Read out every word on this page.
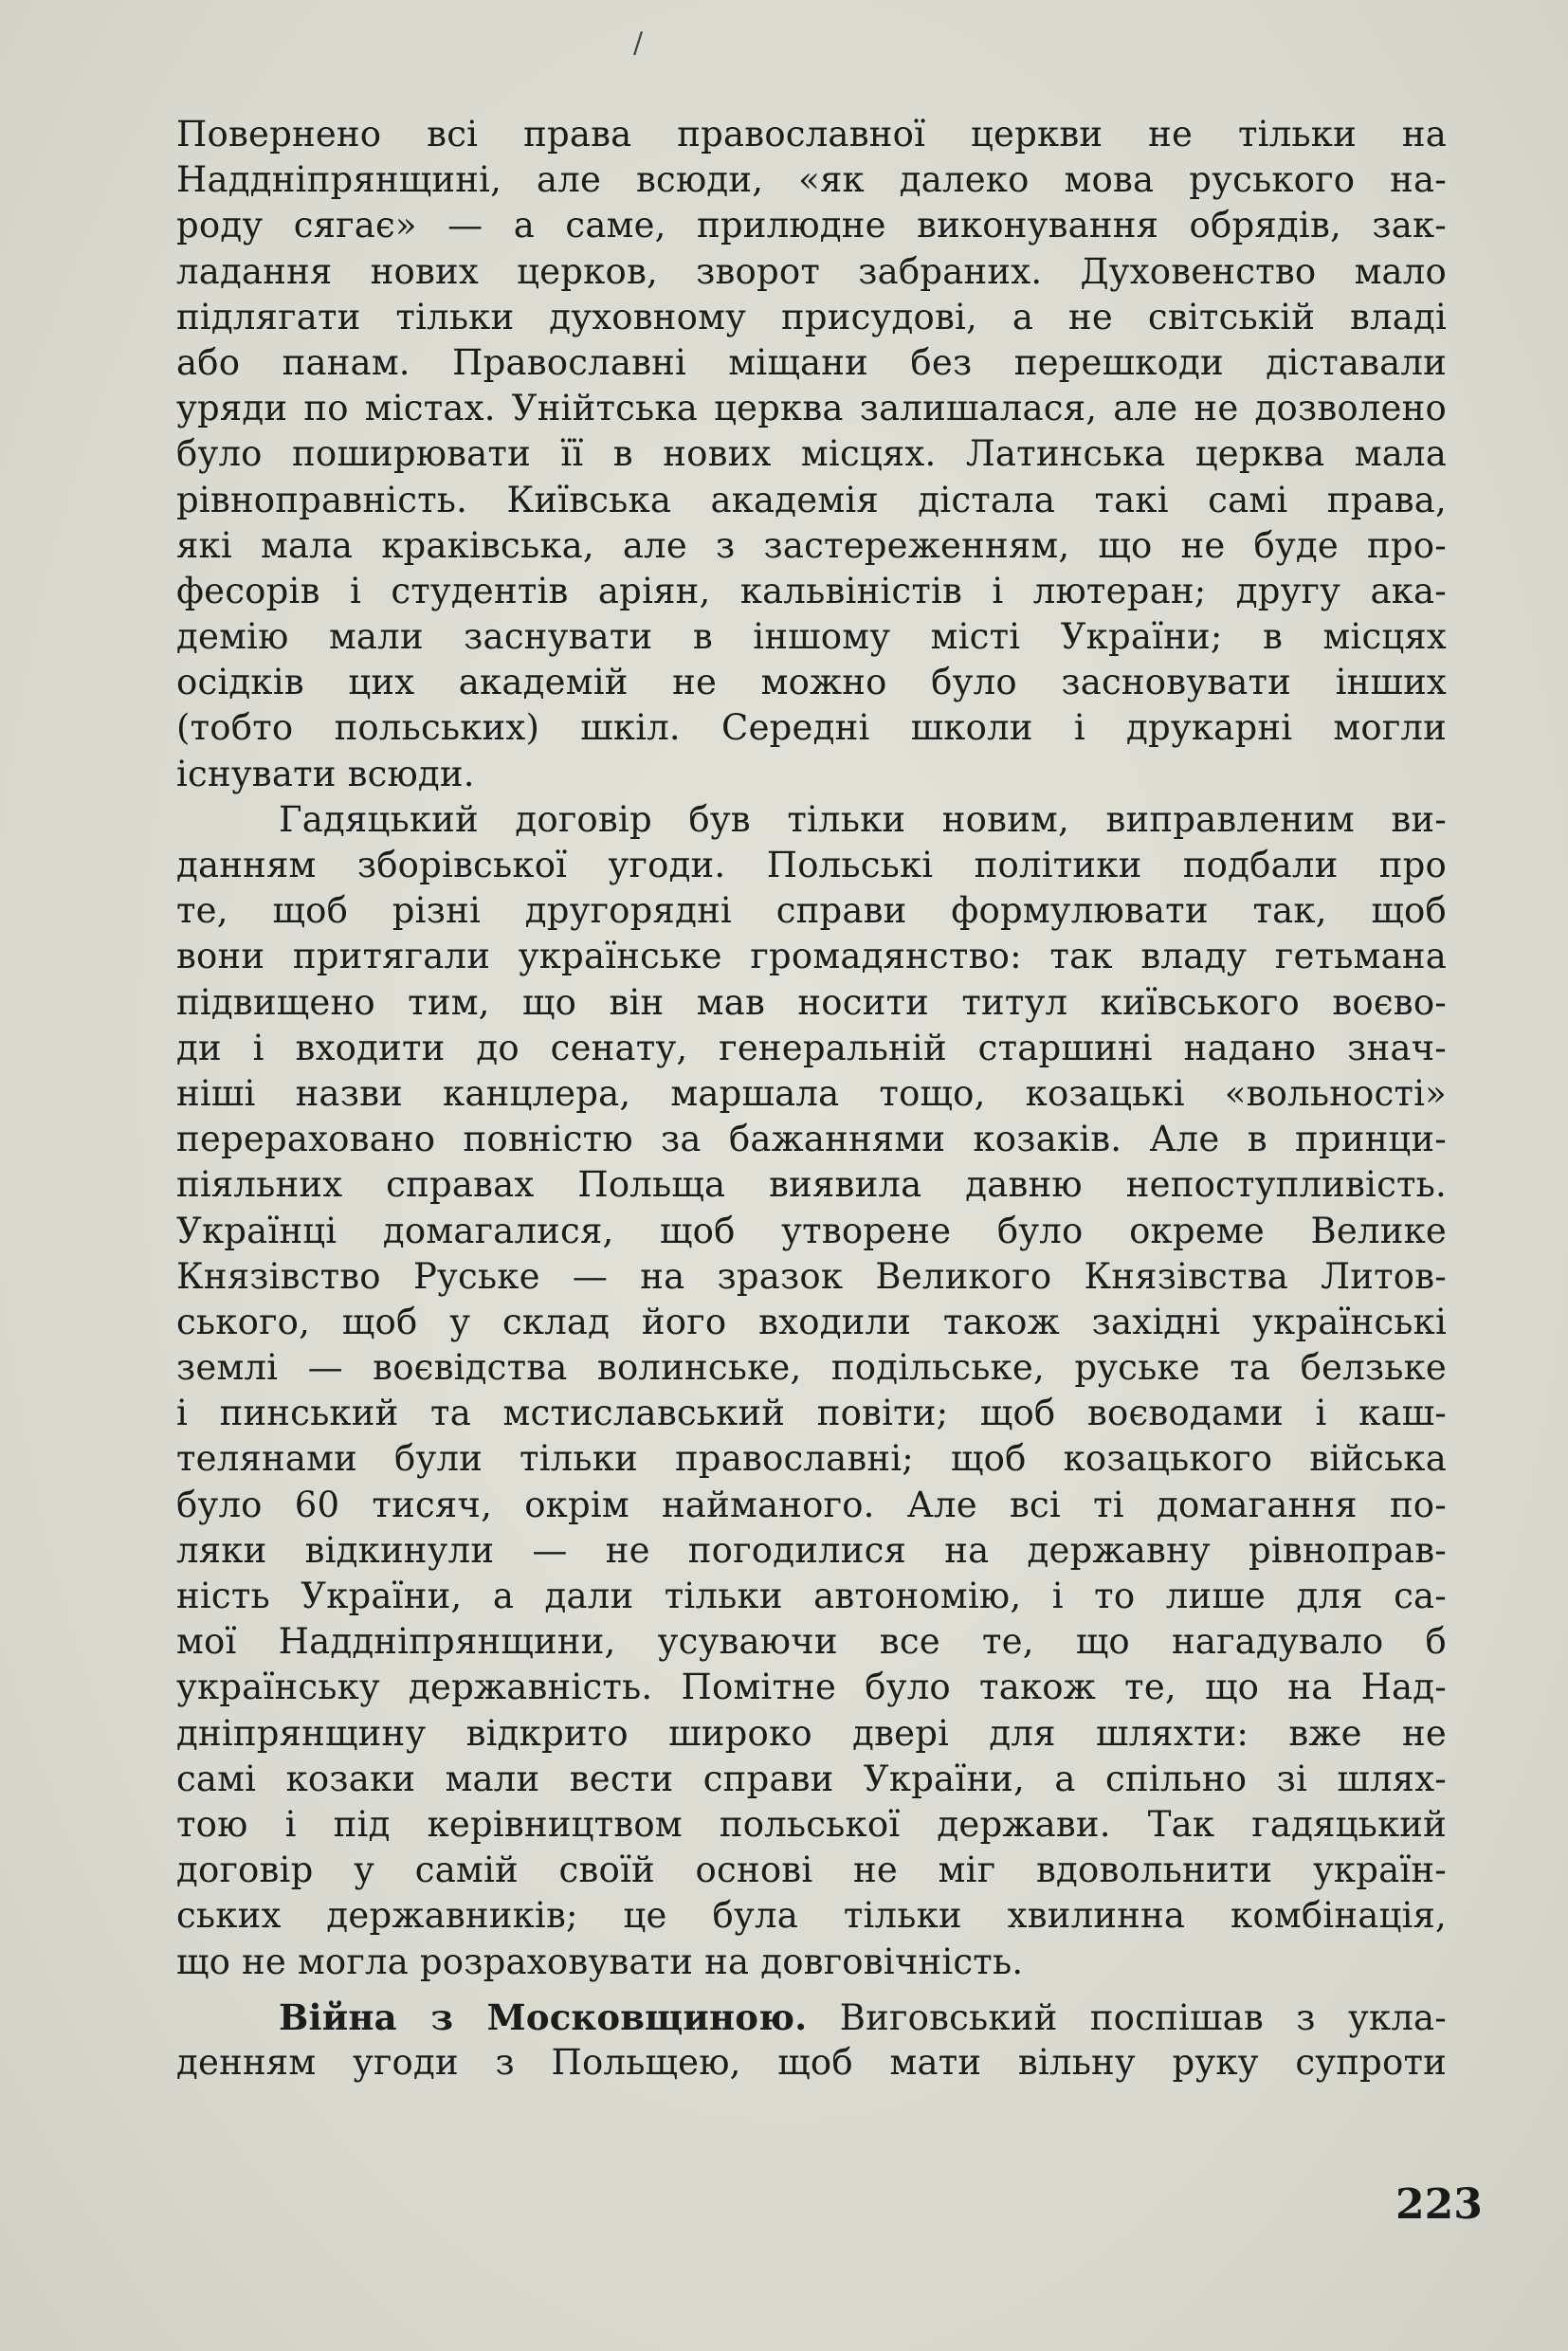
/
Повернено всі права православної церкви не тільки на
Наддніпрянщині, але всюди, «як далеко мова руського на-
роду сягає» — а саме, прилюдне виконування обрядів, зак-
ладання нових церков, зворот забраних. Духовенство мало
підлягати тільки духовному присудові, а не світській владі
або панам. Православні міщани без перешкоди діставали
уряди по містах. Унійтська церква залишалася, але не дозволено
було поширювати її в нових місцях. Латинська церква мала
рівноправність. Київська академія дістала такі самі права,
які мала краківська, але з застереженням, що не буде про-
фесорів і студентів аріян, кальвіністів і лютеран; другу ака-
демію мали заснувати в іншому місті України; в місцях
осідків цих академій не можно було засновувати інших
(тобто польських) шкіл. Середні школи і друкарні могли
існувати всюди.
Гадяцький договір був тільки новим, виправленим ви-
данням зборівської угоди. Польські політики подбали про
те, щоб різні другорядні справи формулювати так, щоб
вони притягали українське громадянство: так владу гетьмана
підвищено тим, що він мав носити титул київського воєво-
ди і входити до сенату, генеральній старшині надано знач-
ніші назви канцлера, маршала тощо, козацькі «вольності»
перераховано повністю за бажаннями козаків. Але в принци-
піяльних справах Польща виявила давню непоступливість.
Українці домагалися, щоб утворене було окреме Велике
Князівство Руське — на зразок Великого Князівства Литов-
ського, щоб у склад його входили також західні українські
землі — воєвідства волинське, подільське, руське та белзьке
і пинський та мстиславський повіти; щоб воєводами і каш-
телянами були тільки православні; щоб козацького війська
було 60 тисяч, окрім найманого. Але всі ті домагання по-
ляки відкинули — не погодилися на державну рівноправ-
ність України, а дали тільки автономію, і то лише для са-
мої Наддніпрянщини, усуваючи все те, що нагадувало б
українську державність. Помітне було також те, що на Над-
дніпрянщину відкрито широко двері для шляхти: вже не
самі козаки мали вести справи України, а спільно зі шлях-
тою і під керівництвом польської держави. Так гадяцький
договір у самій своїй основі не міг вдовольнити україн-
ських державників; це була тільки хвилинна комбінація,
що не могла розраховувати на довговічність.
Війна з Московщиною. Виговський поспішав з укла-
денням угоди з Польщею, щоб мати вільну руку супроти
223
